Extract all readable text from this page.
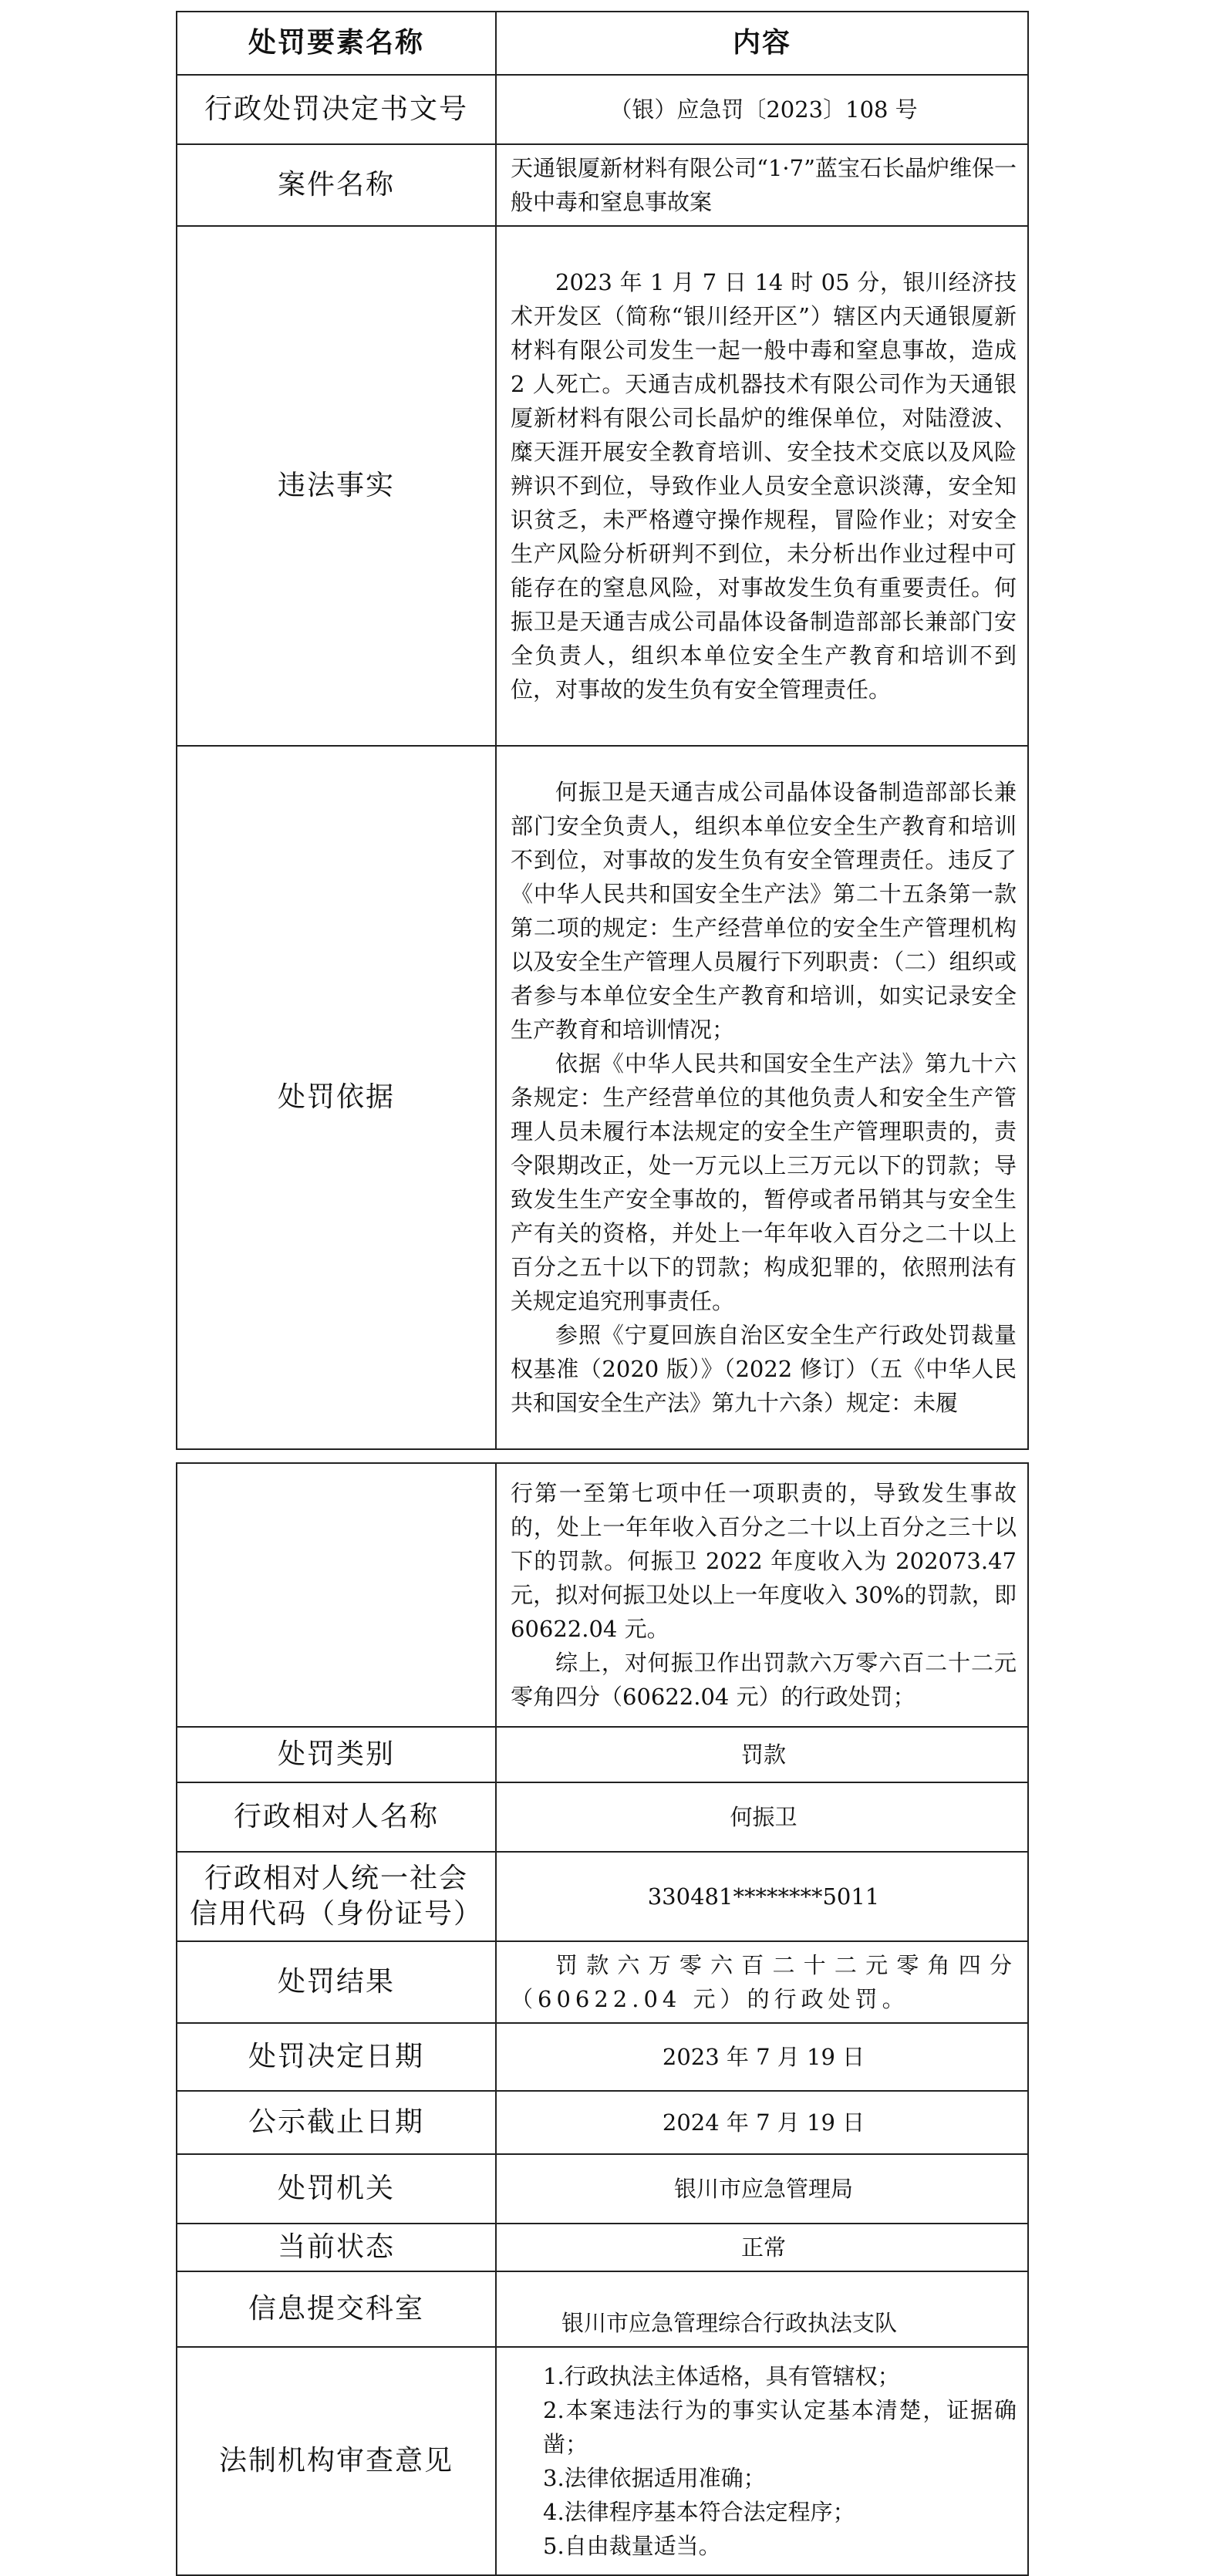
处罚要素名称	内容
行政处罚决定书文号	（银）应急罚〔2023〕108 号
案件名称	天通银厦新材料有限公司“1·7”蓝宝石长晶炉维保一般中毒和窒息事故案
违法事实	2023 年 1 月 7 日 14 时 05 分，银川经济技术开发区（简称“银川经开区”）辖区内天通银厦新材料有限公司发生一起一般中毒和窒息事故，造成 2 人死亡。天通吉成机器技术有限公司作为天通银厦新材料有限公司长晶炉的维保单位，对陆澄波、糜天涯开展安全教育培训、安全技术交底以及风险辨识不到位，导致作业人员安全意识淡薄，安全知识贫乏，未严格遵守操作规程，冒险作业；对安全生产风险分析研判不到位，未分析出作业过程中可能存在的窒息风险，对事故发生负有重要责任。何振卫是天通吉成公司晶体设备制造部部长兼部门安全负责人，组织本单位安全生产教育和培训不到位，对事故的发生负有安全管理责任。

处罚依据	何振卫是天通吉成公司晶体设备制造部部长兼部门安全负责人，组织本单位安全生产教育和培训不到位，对事故的发生负有安全管理责任。违反了《中华人民共和国安全生产法》第二十五条第一款第二项的规定：生产经营单位的安全生产管理机构以及安全生产管理人员履行下列职责：（二）组织或者参与本单位安全生产教育和培训，如实记录安全生产教育和培训情况；

依据《中华人民共和国安全生产法》第九十六条规定：生产经营单位的其他负责人和安全生产管理人员未履行本法规定的安全生产管理职责的，责令限期改正，处一万元以上三万元以下的罚款；导致发生生产安全事故的，暂停或者吊销其与安全生产有关的资格，并处上一年年收入百分之二十以上百分之五十以下的罚款；构成犯罪的，依照刑法有关规定追究刑事责任。

参照《宁夏回族自治区安全生产行政处罚裁量权基准（2020 版）》（2022 修订）（五《中华人民共和国安全生产法》第九十六条）规定：未履

	行第一至第七项中任一项职责的，导致发生事故的，处上一年年收入百分之二十以上百分之三十以下的罚款。何振卫 2022 年度收入为 202073.47 元，拟对何振卫处以上一年度收入 30%的罚款，即 60622.04 元。

综上，对何振卫作出罚款六万零六百二十二元零角四分（60622.04 元）的行政处罚；

处罚类别	罚款
行政相对人名称	何振卫

行政相对人统一社会
信用代码（身份证号）	330481********5011
处罚结果	罚款六万零六百二十二元零角四分（60622.04 元）的行政处罚。

处罚决定日期	2023 年 7 月 19 日
公示截止日期	2024 年 7 月 19 日
处罚机关	银川市应急管理局
当前状态	正常
信息提交科室	银川市应急管理综合行政执法支队
法制机构审查意见	1.行政执法主体适格，具有管辖权；

2.本案违法行为的事实认定基本清楚，证据确凿；

3.法律依据适用准确；

4.法律程序基本符合法定程序；

5.自由裁量适当。
